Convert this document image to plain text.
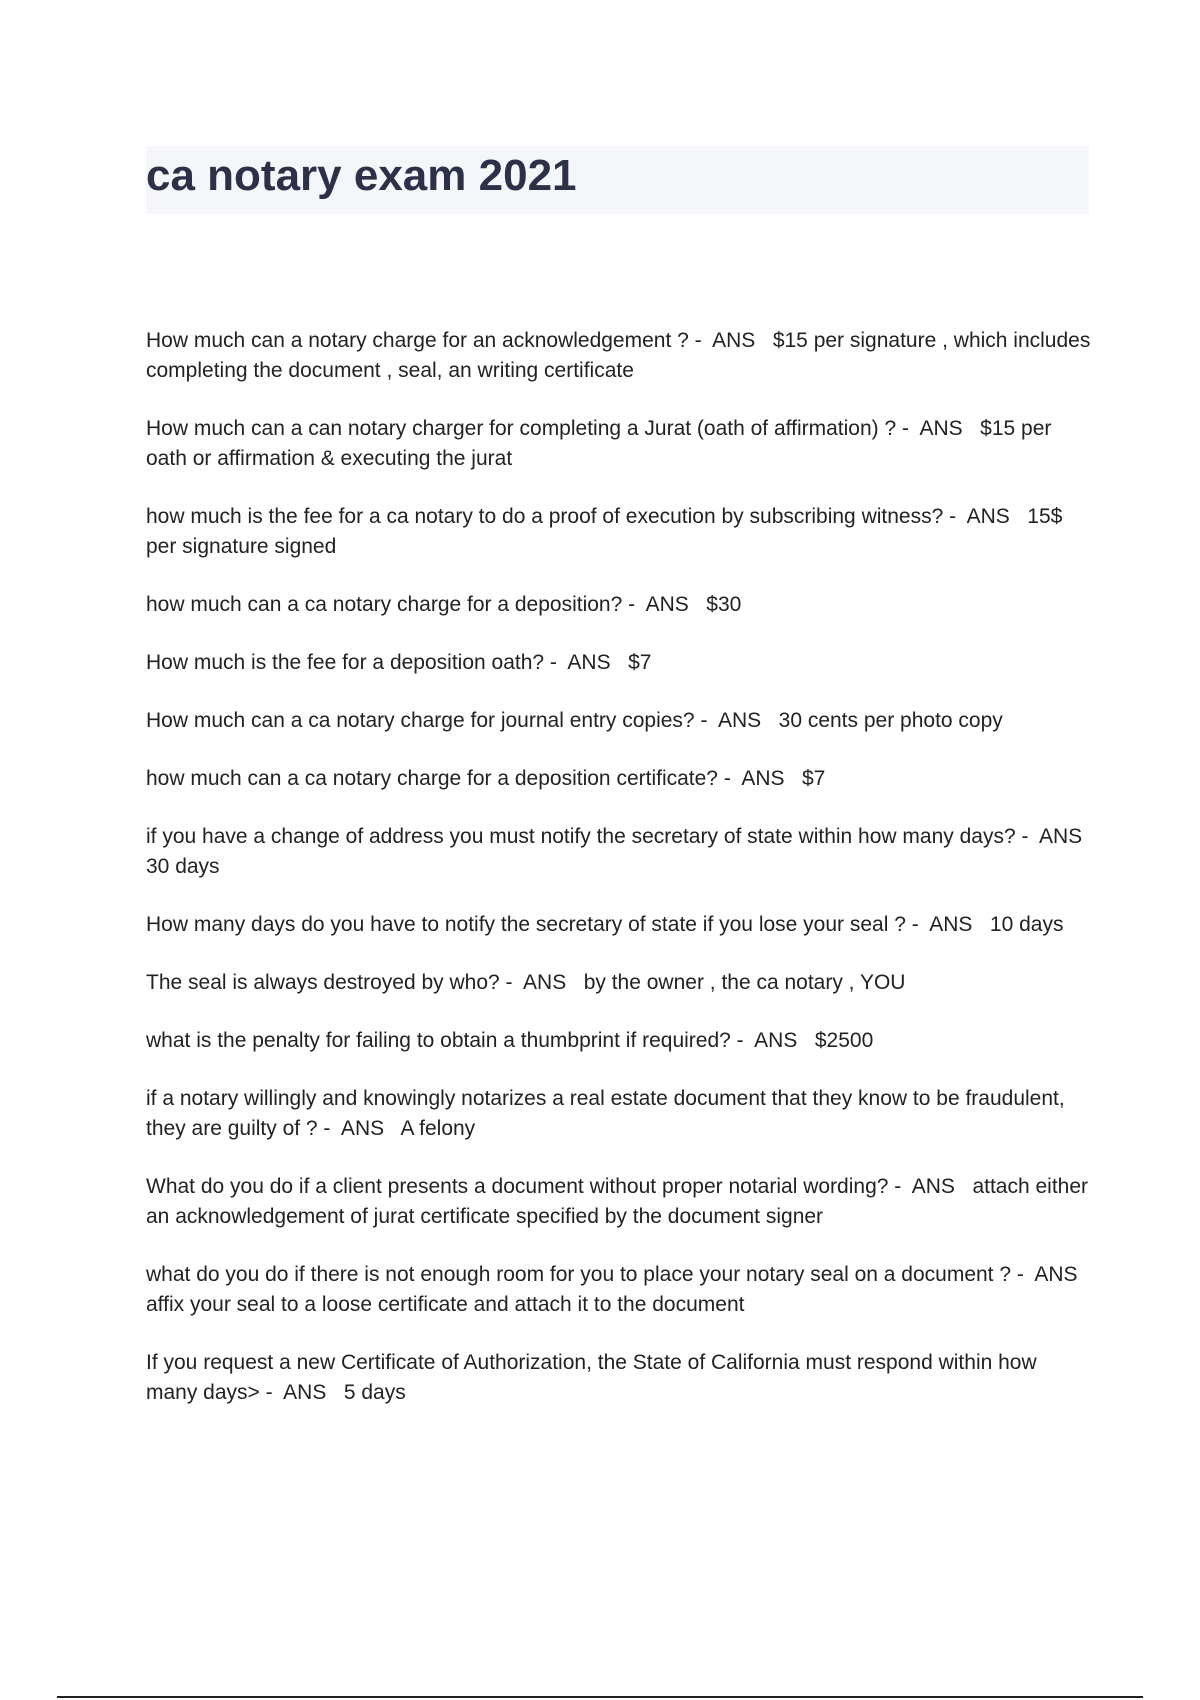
ca notary exam 2021

How much can a notary charge for an acknowledgement ? -  ANS   $15 per signature , which includes completing the document , seal, an writing certificate

How much can a can notary charger for completing a Jurat (oath of affirmation) ? -  ANS   $15 per oath or affirmation & executing the jurat

how much is the fee for a ca notary to do a proof of execution by subscribing witness? -  ANS   15$ per signature signed

how much can a ca notary charge for a deposition? -  ANS   $30

How much is the fee for a deposition oath? -  ANS   $7

How much can a ca notary charge for journal entry copies? -  ANS   30 cents per photo copy

how much can a ca notary charge for a deposition certificate? -  ANS   $7

if you have a change of address you must notify the secretary of state within how many days? -  ANS   30 days

How many days do you have to notify the secretary of state if you lose your seal ? -  ANS   10 days

The seal is always destroyed by who? -  ANS   by the owner , the ca notary , YOU

what is the penalty for failing to obtain a thumbprint if required? -  ANS   $2500

if a notary willingly and knowingly notarizes a real estate document that they know to be fraudulent, they are guilty of ? -  ANS   A felony

What do you do if a client presents a document without proper notarial wording? -  ANS   attach either an acknowledgement of jurat certificate specified by the document signer

what do you do if there is not enough room for you to place your notary seal on a document ? -  ANS   affix your seal to a loose certificate and attach it to the document

If you request a new Certificate of Authorization, the State of California must respond within how many days> -  ANS   5 days
